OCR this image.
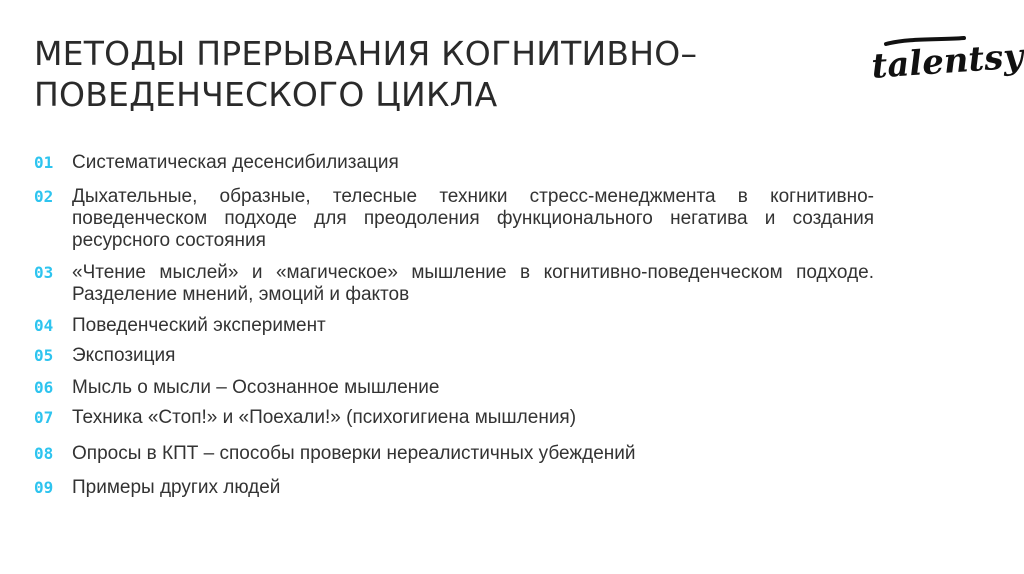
МЕТОДЫ ПРЕРЫВАНИЯ КОГНИТИВНО–ПОВЕДЕНЧЕСКОГО ЦИКЛА
talentsy
01 Систематическая десенсибилизация
02 Дыхательные, образные, телесные техники стресс-менеджмента в когнитивно-поведенческом подходе для преодоления функционального негатива и создания ресурсного состояния
03 «Чтение мыслей» и «магическое» мышление в когнитивно-поведенческом подходе. Разделение мнений, эмоций и фактов
04 Поведенческий эксперимент
05 Экспозиция
06 Мысль о мысли – Осознанное мышление
07 Техника «Стоп!» и «Поехали!» (психогигиена мышления)
08 Опросы в КПТ – способы проверки нереалистичных убеждений
09 Примеры других людей
